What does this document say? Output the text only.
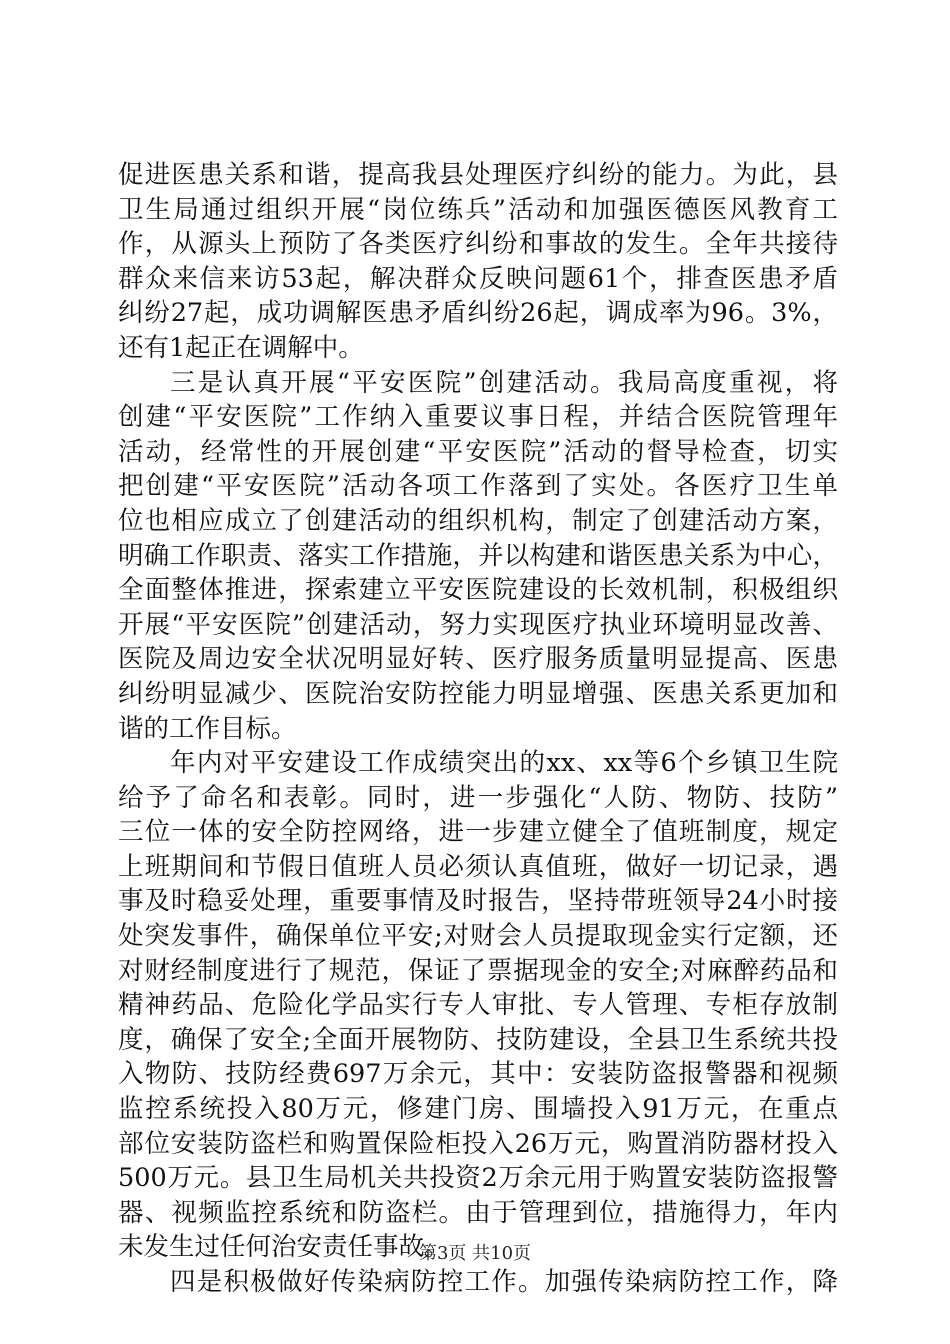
促进医患关系和谐，提高我县处理医疗纠纷的能力。为此，县
卫生局通过组织开展“岗位练兵”活动和加强医德医风教育工
作，从源头上预防了各类医疗纠纷和事故的发生。全年共接待
群众来信来访53起，解决群众反映问题61个，排查医患矛盾
纠纷27起，成功调解医患矛盾纠纷26起，调成率为96。3%，
还有1起正在调解中。
三是认真开展“平安医院”创建活动。我局高度重视，将
创建“平安医院”工作纳入重要议事日程，并结合医院管理年
活动，经常性的开展创建“平安医院”活动的督导检查，切实
把创建“平安医院”活动各项工作落到了实处。各医疗卫生单
位也相应成立了创建活动的组织机构，制定了创建活动方案，
明确工作职责、落实工作措施，并以构建和谐医患关系为中心，
全面整体推进，探索建立平安医院建设的长效机制，积极组织
开展“平安医院”创建活动，努力实现医疗执业环境明显改善、
医院及周边安全状况明显好转、医疗服务质量明显提高、医患
纠纷明显减少、医院治安防控能力明显增强、医患关系更加和
谐的工作目标。
年内对平安建设工作成绩突出的xx、xx等6个乡镇卫生院
给予了命名和表彰。同时，进一步强化“人防、物防、技防”
三位一体的安全防控网络，进一步建立健全了值班制度，规定
上班期间和节假日值班人员必须认真值班，做好一切记录，遇
事及时稳妥处理，重要事情及时报告，坚持带班领导24小时接
处突发事件，确保单位平安;对财会人员提取现金实行定额，还
对财经制度进行了规范，保证了票据现金的安全;对麻醉药品和
精神药品、危险化学品实行专人审批、专人管理、专柜存放制
度，确保了安全;全面开展物防、技防建设，全县卫生系统共投
入物防、技防经费697万余元，其中：安装防盗报警器和视频
监控系统投入80万元，修建门房、围墙投入91万元，在重点
部位安装防盗栏和购置保险柜投入26万元，购置消防器材投入
500万元。县卫生局机关共投资2万余元用于购置安装防盗报警
器、视频监控系统和防盗栏。由于管理到位，措施得力，年内
未发生过任何治安责任事故。
四是积极做好传染病防控工作。加强传染病防控工作，降
第3页 共10页
